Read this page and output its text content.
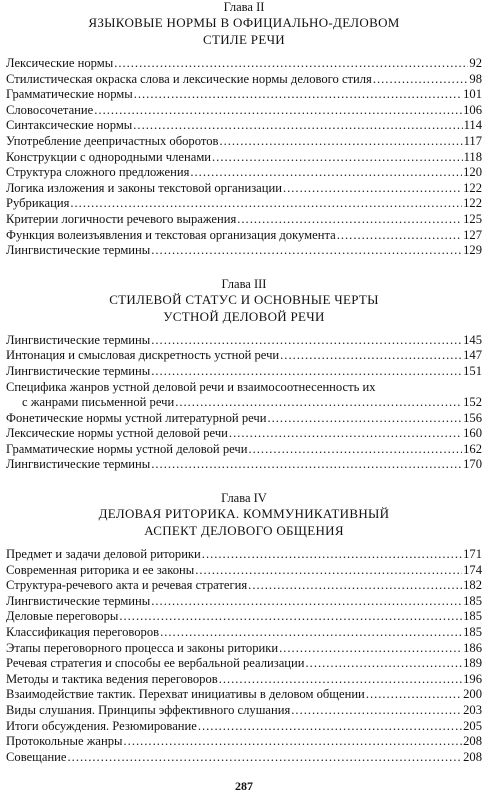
Глава II
ЯЗЫКОВЫЕ НОРМЫ В ОФИЦИАЛЬНО-ДЕЛОВОМ
СТИЛЕ РЕЧИ
Лексические нормы .....	92
Стилистическая окраска слова и лексические нормы делового стиля .....	98
Грамматические нормы .....	101
Словосочетание .....	106
Синтаксические нормы .....	114
Употребление деепричастных оборотов .....	117
Конструкции с однородными членами .....	118
Структура сложного предложения .....	120
Логика изложения и законы текстовой организации .....	122
Рубрикация .....	122
Критерии логичности речевого выражения .....	125
Функция волеизъявления и текстовая организация документа .....	127
Лингвистические термины .....	129
Глава III
СТИЛЕВОЙ СТАТУС И ОСНОВНЫЕ ЧЕРТЫ
УСТНОЙ ДЕЛОВОЙ РЕЧИ
Лингвистические термины .....	145
Интонация и смысловая дискретность устной речи .....	147
Лингвистические термины .....	151
Специфика жанров устной деловой речи и взаимосоотнесенность их
с жанрами письменной речи .....	152
Фонетические нормы устной литературной речи .....	156
Лексические нормы устной деловой речи .....	160
Грамматические нормы устной деловой речи .....	162
Лингвистические термины .....	170
Глава IV
ДЕЛОВАЯ РИТОРИКА. КОММУНИКАТИВНЫЙ
АСПЕКТ ДЕЛОВОГО ОБЩЕНИЯ
Предмет и задачи деловой риторики .....	171
Современная риторика и ее законы .....	174
Структура-речевого акта и речевая стратегия .....	182
Лингвистические термины .....	185
Деловые переговоры .....	185
Классификация переговоров .....	185
Этапы переговорного процесса и законы риторики .....	186
Речевая стратегия и способы ее вербальной реализации .....	189
Методы и тактика ведения переговоров .....	196
Взаимодействие тактик. Перехват инициативы в деловом общении .....	200
Виды слушания. Принципы эффективного слушания .....	203
Итоги обсуждения. Резюмирование .....	205
Протокольные жанры .....	208
Совещание .....	208
287
